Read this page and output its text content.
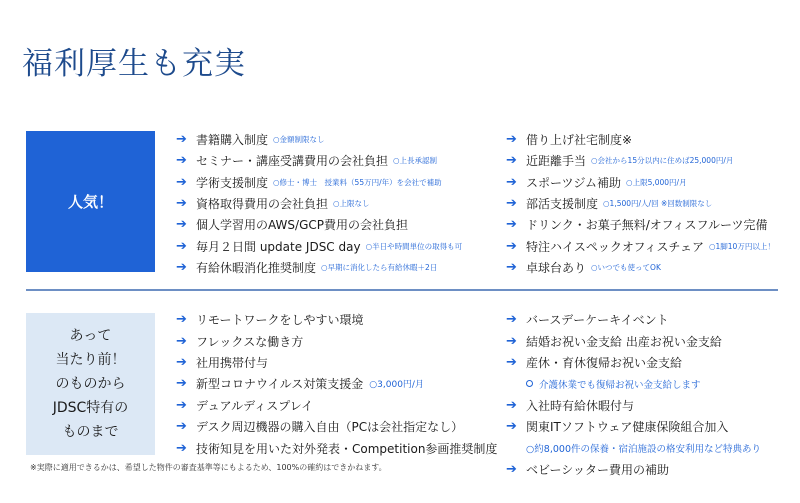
福利厚生も充実
人気！
➔ 書籍購入制度 ○金額制限なし
➔ セミナー・講座受講費用の会社負担 ○上長承認制
➔ 学術支援制度 ○修士・博士　授業料（55万円/年）を会社で補助
➔ 資格取得費用の会社負担 ○上限なし
➔ 個人学習用のAWS/GCP費用の会社負担
➔ 毎月２日間 update JDSC day ○半日や時間単位の取得も可
➔ 有給休暇消化推奨制度 ○早期に消化したら有給休暇＋2日
➔ 借り上げ社宅制度※
➔ 近距離手当 ○会社から15分以内に住めば25,000円/月
➔ スポーツジム補助 ○上限5,000円/月
➔ 部活支援制度 ○1,500円/人/回 ※回数制限なし
➔ ドリンク・お菓子無料/オフィスフルーツ完備
➔ 特注ハイスペックオフィスチェア ○1脚10万円以上！
➔ 卓球台あり ○いつでも使ってOK
あって
当たり前！
のものから
JDSC特有の
ものまで
➔ リモートワークをしやすい環境
➔ フレックスな働き方
➔ 社用携帯付与
➔ 新型コロナウイルス対策支援金 ○3,000円/月
➔ デュアルディスプレイ
➔ デスク周辺機器の購入自由（PCは会社指定なし）
➔ 技術知見を用いた対外発表・Competition参画推奨制度
➔ バースデーケーキイベント
➔ 結婚お祝い金支給 出産お祝い金支給
➔ 産休・育休復帰お祝い金支給
介護休業でも復帰お祝い金支給します
➔ 入社時有給休暇付与
➔ 関東ITソフトウェア健康保険組合加入
○約8,000件の保養・宿泊施設の格安利用など特典あり
➔ ベビーシッター費用の補助
※実際に適用できるかは、希望した物件の審査基準等にもよるため、100%の確約はできかねます。
